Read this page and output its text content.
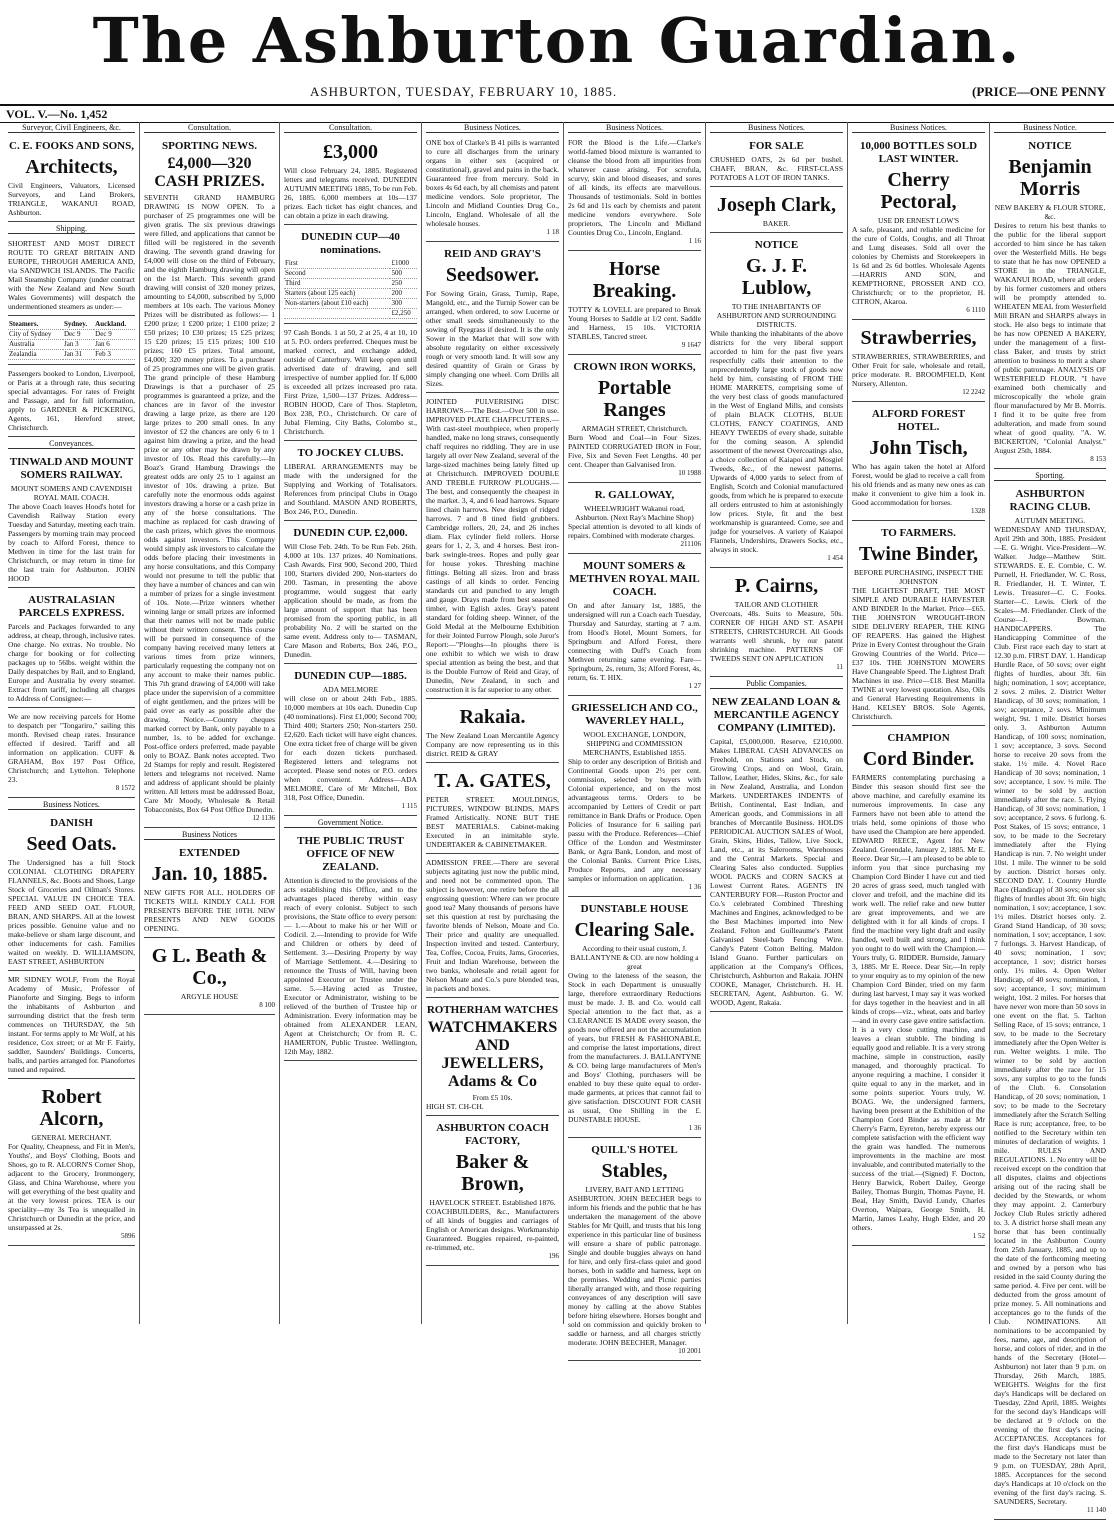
The Ashburton Guardian.
ASHBURTON, TUESDAY, FEBRUARY 10, 1885.	(PRICE—ONE PENNY
VOL. V.—No. 1,452
Surveyor, Civil Engineers, &c.
C. E. FOOKS AND SONS,
Architects,
Civil Engineers, Valuators, Licensed Surveyors, and Land Brokers, TRIANGLE, WAKANUI ROAD, Ashburton.
Shipping.
SHORTEST AND MOST DIRECT ROUTE TO GREAT BRITAIN AND EUROPE, THROUGH AMERICA AND, via SANDWICH ISLANDS. The Pacific Mail Steamship Company (under contract with the New Zealand and New South Wales Governments) will despatch the undermentioned steamers as under:—
Steamers.	Sydney.	Auckland.
City of Sydney	Dec 9	Dec 9
Australia	Jan 3	Jan 6
Zealandia	Jan 31	Feb 3
Passengers booked to London, Liverpool, or Paris at a through rate, thus securing special advantages. For rates of Freight and Passage, and for full information, apply to GARDNER & PICKERING, Agents, 161, Hereford street, Christchurch.
Conveyances.
TINWALD AND MOUNT SOMERS RAILWAY.
MOUNT SOMERS AND CAVENDISH ROYAL MAIL COACH.
The above Coach leaves Hood's hotel for Cavendish Railway Station every Tuesday and Saturday, meeting each train. Passengers by morning train may proceed by coach to Alford Forest, thence to Methven in time for the last train for Christchurch, or may return in time for the last train for Ashburton. JOHN HOOD
AUSTRALASIAN PARCELS EXPRESS.
Parcels and Packages forwarded to any address, at cheap, through, inclusive rates. One charge. No extras. No trouble. No charge for booking or for collecting packages up to 56lbs. weight within the Daily despatches by Rail, and to England, Europe and Australia by every steamer. Extract from tariff, including all charges to Address of Consignee:—
We are now receiving parcels for Home to despatch per "Tongariro," sailing this month. Revised cheap rates. Insurance effected if desired. Tariff and all information on application. CUFF & GRAHAM, Box 197 Post Office, Christchurch; and Lyttelton. Telephone 23.
8 1572
Business Notices.
DANISH
Seed Oats.
The Undersigned has a full Stock COLONIAL CLOTHING DRAPERY FLANNELS, &c. Boots and Shoes, Large Stock of Groceries and Oilman's Stores. SPECIAL VALUE IN CHOICE TEA. FEED AND SEED OAT. FLOUR, BRAN, AND SHARPS. All at the lowest prices possible. Genuine value and no make-believe or sham large discount, and other inducements for cash. Families waited on weekly. D. WILLIAMSON, EAST STREET, ASHBURTON
MR SIDNEY WOLF, From the Royal Academy of Music, Professor of Pianoforte and Singing. Begs to inform the inhabitants of Ashburton and surrounding district that the fresh term commences on THURSDAY, the 5th instant. For terms apply to Mr Wolf, at his residence, Cox street; or at Mr F. Fairly, saddler, Saunders' Buildings. Concerts, balls, and parties arranged for. Pianofortes tuned and repaired.
Robert Alcorn,
GENERAL MERCHANT.
For Quality, Cheapness, and Fit in Men's, Youths', and Boys' Clothing, Boots and Shoes, go to R. ALCORN'S Corner Shop, adjacent to the Grocery, Ironmongery, Glass, and China Warehouse, where you will get everything of the best quality and at the very lowest prices. TEA is our speciality—my 3s Tea is unequalled in Christchurch or Dunedin at the price, and unsurpassed at 2s.
5896
Consultation.
SPORTING NEWS.
£4,000—320 CASH PRIZES.
SEVENTH GRAND HAMBURG DRAWING IS NOW OPEN. To a purchaser of 25 programmes one will be given gratis. The six previous drawings were filled, and applications that cannot be filled will be registered in the seventh drawing. The seventh grand drawing for £4,000 will close on the third of February, and the eighth Hamburg drawing will open on the 1st March. This seventh grand drawing will consist of 320 money prizes, amounting to £4,000, subscribed by 5,000 members at 10s each. The various Money Prizes will be distributed as follows:— 1 £200 prize; 1 £200 prize; 1 £100 prize; 2 £50 prizes; 10 £30 prizes; 15 £25 prizes; 15 £20 prizes; 15 £15 prizes; 100 £10 prizes; 160 £5 prizes. Total amount, £4,000; 320 money prizes. To a purchaser of 25 programmes one will be given gratis. The grand principle of these Hamburg Drawings is that a purchaser of 25 programmes is guaranteed a prize, and the chances are in favor of the investor drawing a large prize, as there are 120 large prizes to 200 small ones. In any investor of £2 the chances are only 6 to 1 against him drawing a prize, and the head prize or any other may be drawn by any investor of 10s. Read this carefully.—In Boaz's Grand Hamburg Drawings the greatest odds are only 25 to 1 against an investor of 10s. drawing a prize. But carefully note the enormous odds against investors drawing a horse or a cash prize in any of the horse consultations. The machine as replaced for cash drawing of the cash prizes, which gives the enormous odds against investors. This Company would simply ask investors to calculate the odds before placing their investments in any horse consultations, and this Company would not presume to tell the public that they have a number of chances and can win a number of prizes for a single investment of 10s. Note.—Prize winners whether winning large or small prizes are informed that their names will not be made public without their written consent. This course will be pursued in consequence of the company having received many letters at various times from prize winners, particularly requesting the company not on any account to make their names public. This 7th grand drawing of £4,000 will take place under the supervision of a committee of eight gentlemen, and the prizes will be paid over as early as possible after the drawing. Notice.—Country cheques marked correct by Bank, only payable to a number, 1s. to be added for exchange. Post-office orders preferred, made payable only to BOAZ. Bank notes accepted. Two 2d Stamps for reply and result. Registered letters and telegrams not received. Name and address of applicant should be plainly written. All letters must be addressed Boaz, Care Mr Moody, Wholesale & Retail Tobacconists, Box 64 Post Office Dunedin.
12 1136
Business Notices
EXTENDED
Jan. 10, 1885.
NEW GIFTS FOR ALL. HOLDERS OF TICKETS WILL KINDLY CALL FOR PRESENTS BEFORE THE 10TH. NEW PRESENTS AND NEW GOODS OPENING.
G L. Beath & Co.,
ARGYLE HOUSE
8 100
Consultation.
£3,000
Will close February 24, 1885. Registered letters and telegrams received. DUNEDIN AUTUMN MEETING 1885, To be run Feb. 26, 1885. 6,000 members at 10s—137 prizes. Each ticket has eight chances, and can obtain a prize in each drawing.
DUNEDIN CUP—40 nominations.
First	£1000
Second	500
Third	250
Starters (about 125 each)	200
Non-starters (about £10 each)	300
	£2,250
97 Cash Bonds. 1 at 50, 2 at 25, 4 at 10, 10 at 5. P.O. orders preferred. Cheques must be marked correct, and exchange added, outside of Canterbury. Will keep open until advertised date of drawing, and sell irrespective of number applied for. If 6,000 is exceeded all prizes increased pro rata. First Prize, 1,500—137 Prizes. Address—ROBIN HOOD, Care of Thos. Stapleton, Box 238, P.O., Christchurch. Or care of Jubal Fleming, City Baths, Colombo st., Christchurch.
TO JOCKEY CLUBS.
LIBERAL ARRANGEMENTS may be made with the undersigned for the Supplying and Working of Totalisators. References from principal Clubs in Otago and Southland. MASON AND ROBERTS, Box 246, P.O., Dunedin.
DUNEDIN CUP. £2,000.
Will Close Feb. 24th. To be Run Feb. 26th. 4,000 at 10s. 137 prizes. 40 Nominations. Cash Awards. First 900, Second 200, Third 100, Starters divided 200, Non-starters do 200. Tasman, in presenting the above programme, would suggest that early application should be made, as from the large amount of support that has been promised from the sporting public, in all probability No. 2 will be started on the same event. Address only to— TASMAN, Care Mason and Roberts, Box 246, P.O., Dunedin.
DUNEDIN CUP—1885.
ADA MELMORE
will close on or about 24th Feb., 1885. 10,000 members at 10s each. Dunedin Cup (40 nominations). First £1,000; Second 700; Third 400; Starters 250; Non-starters 250. £2,620. Each ticket will have eight chances. One extra ticket free of charge will be given for each dozen tickets purchased. Registered letters and telegrams not accepted. Please send notes or P.O. orders when convenient. Address—ADA MELMORE, Care of Mr Mitchell, Box 318, Post Office, Dunedin.
1 115
Government Notice.
THE PUBLIC TRUST OFFICE OF NEW ZEALAND.
Attention is directed to the provisions of the acts establishing this Office, and to the advantages placed thereby within easy reach of every colonist. Subject to such provisions, the State office to every person:— 1.—About to make his or her Will or Codicil. 2.—Intending to provide for Wife and Children or others by deed of Settlement. 3.—Desiring Property by way of Marriage Settlement. 4.—Desiring to renounce the Trusts of Will, having been appointed Executor or Trustee under the same. 5.—Having acted as Trustee, Executor or Administrator, wishing to be relieved of the burthen of Trustee hip or Administration. Every information may be obtained from ALEXANDER LEAN, Agent at Christchurch; Or from R. C. HAMERTON, Public Trustee. Wellington, 12th May, 1882.
Business Notices.
ONE box of Clarke's B 41 pills is warranted to cure all discharges from the urinary organs in either sex (acquired or constitutional), gravel and pains in the back. Guaranteed free from mercury. Sold in boxes 4s 6d each, by all chemists and patent medicine vendors. Sole proprietor, The Lincoln and Midland Counties Drug Co., Lincoln, England. Wholesale of all the wholesale houses.
1 18
REID AND GRAY'S
Seedsower.
For Sowing Grain, Grass, Turnip, Rape, Mangold, etc., and the Turnip Sower can be arranged, when ordered, to sow Lucerne or other small seeds simultaneously to the sowing of Ryegrass if desired. It is the only Sower in the Market that will sow with absolute regularity on either excessively rough or very smooth land. It will sow any desired quantity of Grain or Grass by simply changing one wheel. Corn Drills all Sizes.
JOINTED PULVERISING DISC HARROWS.—The Best.—Over 500 in use. IMPROVED PLATE CHAFFCUTTERS.—With cast-steel mouthpiece, when properly handled, make no long straws, consequently chaff requires no riddling. They are in use largely all over New Zealand, several of the large-sized machines being lately fitted up at Christchurch. IMPROVED DOUBLE AND TREBLE FURROW PLOUGHS.—The best, and consequently the cheapest in the market. 3, 4, and 6 lead harrows. Square lined chain harrows. New design of ridged harrows. 7 and 8 tined field grubbers. Cambridge rollers, 20, 24, and 26 inches diam. Flax cylinder field rollers. Horse gears for 1, 2, 3, and 4 horses. Best iron-bark swingle-trees. Ropes and pully gear for house yokes. Threshing machine fittings. Belting all sizes. Iron and brass castings of all kinds to order. Fencing standards cut and punched to any length and gauge. Drays made from best seasoned timber, with Eglish axles. Gray's patent standard for folding sheep. Winner, of the Gold Medal at the Melbourne Exhibition for their Jointed Furrow Plough, sole Juror's Report:—"Ploughs—In ploughs there is one exhibit to which we wish to draw special attention as being the best, and that is the Double Furrow of Reid and Gray, of Dunedin, New Zealand, in such and construction it is far superior to any other.
Rakaia.
The New Zealand Loan Mercantile Agency Company are now representing us in this district. REID & GRAY
T. A. GATES,
PETER STREET. MOULDINGS, PICTURES, WINDOW BLINDS, MAPS Framed Artistically. NONE BUT THE BEST MATERIALS. Cabinet-making Executed in an inimitable style. UNDERTAKER & CABINETMAKER.
ADMISSION FREE.—There are several subjects agitating just now the public mind, and need not be commented upon. The subject is however, one retire before the all engrossing question: Where can we procure good tea? Many thousands of persons have set this question at rest by purchasing the favorite blends of Nelson, Moate and Co. Their price and quality are unequalled. Inspection invited and tested. Canterbury, Tea, Coffee, Cocoa, Fruits, Jams, Groceries, Fruit and Indian Warehouse, between the two banks, wholesale and retail agent for Nelson Moate and Co.'s pure blended teas, in packets and boxes.
ROTHERHAM WATCHES
WATCHMAKERS AND JEWELLERS, Adams & Co
From £5 10s.
HIGH ST. CH-CH.
ASHBURTON COACH FACTORY,
Baker & Brown,
HAVELOCK STREET. Established 1876.
COACHBUILDERS, &c., Manufacturers of all kinds of buggies and carriages of English or American designs. Workmanship Guaranteed. Buggies repaired, re-painted, re-trimmed, etc.
196
Business Notices.
FOR the Blood is the Life.—Clarke's world-famed blood mixture is warranted to cleanse the blood from all impurities from whatever cause arising. For scrofula, scurvy, skin and blood diseases, and sores of all kinds, its effects are marvellous. Thousands of testimonials. Sold in bottles 2s 6d and 11s each by chemists and patent medicine vendors everywhere. Sole proprietors, The Lincoln and Midland Counties Drug Co., Lincoln, England.
1 16
Horse Breaking.
TOTTY & LOVELL are prepared to Break Young Horses to Saddle at 1/2 cent. Saddle and Harness, 15 10s. VICTORIA STABLES, Tancred street.
9 1647
CROWN IRON WORKS,
Portable Ranges
ARMAGH STREET, Christchurch.
Burn Wood and Coal—in Four Sizes. PAINTED CORRUGATED IRON in Four, Five, Six and Seven Feet Lengths. 40 per cent. Cheaper than Galvanised Iron.
10 1988
R. GALLOWAY,
WHEELWRIGHT Wakanui road, Ashburton. (Next Ray's Machine Shop)
Special attention is devoted to all kinds of repairs. Combined with moderate charges.
211106
MOUNT SOMERS & METHVEN ROYAL MAIL COACH.
On and after January 1st, 1885, the undersigned will run a Coach each Tuesday, Thursday and Saturday, starting at 7 a.m. from Hood's Hotel, Mount Somers, for Springburn and Alford Forest, there connecting with Duff's Coach from Methven returning same evening. Fare—Springburn, 2s, return, 3s; Alford Forest, 4s, return, 6s. T. HIX.
1 27
GRIESSELICH AND CO., WAVERLEY HALL,
WOOL EXCHANGE, LONDON, SHIPPING and COMMISSION MERCHANTS, Established 1855.
Ship to order any description of British and Continental Goods upon 2½ per cent. commission, selected by buyers with Colonial experience, and on the most advantageous terms. Orders to be accompanied by Letters of Credit or part remittance in Bank Drafts or Produce. Open Policies of Insurance for 6 sailing pari passu with the Produce. References—Chief Office of the London and Westminster Bank, or Agra Bank, London, and most of the Colonial Banks. Current Price Lists, Produce Reports, and any necessary samples or information on application.
1 36
DUNSTABLE HOUSE
Clearing Sale.
According to their usual custom, J. BALLANTYNE & CO. are now holding a great
Owing to the lateness of the season, the Stock in each Department is unusually large, therefore extraordinary Reductions must be made. J. B. and Co. would call Special attention to the fact that, as a CLEARANCE IS MADE every season, the goods now offered are not the accumulation of years, but FRESH & FASHIONABLE, and comprise the latest importations, direct from the manufacturers. J. BALLANTYNE & CO. being large manufacturers of Men's and Boys' Clothing, purchasers will be enabled to buy these quite equal to order-made garments, at prices that cannot fail to give satisfaction. DISCOUNT FOR CASH as usual, One Shilling in the £. DUNSTABLE HOUSE.
1 36
QUILL'S HOTEL
Stables,
LIVERY, BAIT AND LETTING
ASHBURTON. JOHN BEECHER begs to inform his friends and the public that he has undertaken the management of the above Stables for Mr Quill, and trusts that his long experience in this particular line of business will ensure a share of public patronage. Single and double buggies always on hand for hire, and only first-class quiet and good horses, both in saddle and harness, kept on the premises. Wedding and Picnic parties liberally arranged with, and those requiring conveyances of any description will save money by calling at the above Stables before hiring elsewhere. Horses bought and sold on commission and quickly broken to saddle or harness, and all charges strictly moderate. JOHN BEECHER, Manager.
10 2001
Business Notices.
FOR SALE
CRUSHED OATS, 2s 6d per bushel. CHAFF, BRAN, &c. FIRST-CLASS POTATOES A LOT OF IRON TANKS.
Joseph Clark,
BAKER.
NOTICE
G. J. F. Lublow,
TO THE INHABITANTS OF ASHBURTON AND SURROUNDING DISTRICTS.
While thanking the inhabitants of the above districts for the very liberal support accorded to him for the past five years respectfully calls their attention to the unprecedentedly large stock of goods now held by him, consisting of FROM THE HOME MARKETS, comprising some of the very best class of goods manufactured in the West of England Mills, and consists of plain BLACK CLOTHS, BLUE CLOTHS, FANCY COATINGS, AND HEAVY TWEEDS of every shade, suitable for the coming season. A splendid assortment of the newest Overcoatings also, a choice collection of Kaiapoi and Mosgiel Tweeds, &c., of the newest patterns. Upwards of 4,000 yards to select from of English, Scotch and Colonial manufactured goods, from which he is prepared to execute all orders entrusted to him at astonishingly low prices. Style, fit and the best workmanship is guaranteed. Come, see and judge for yourselves. A variety of Kaiapoi Flannels, Undershirts, Drawers Socks, etc., always in stock.
1 454
P. Cairns,
TAILOR AND CLOTHIER
Overcoats, 48s. Suits to Measure, 50s. CORNER OF HIGH AND ST. ASAPH STREETS, CHRISTCHURCH. All Goods warrants well shrunk, by our patent shrinking machine. PATTERNS OF TWEEDS SENT ON APPLICATION
11
Public Companies.
NEW ZEALAND LOAN & MERCANTILE AGENCY COMPANY (LIMITED).
Capital, £5,000,000. Reserve, £210,000. Makes LIBERAL CASH ADVANCES on Freehold, on Stations and Stock, on Growing Crops, and on Wool, Grain, Tallow, Leather, Hides, Skins, &c., for sale in New Zealand, Australia, and London Markets. UNDERTAKES INDENTS of British, Continental, East Indian, and American goods, and Commissions in all branches of Mercantile Business. HOLDS PERIODICAL AUCTION SALES of Wool, Grain, Skins, Hides, Tallow, Live Stock, Land, etc., at its Salerooms, Warehouses and the Central Markets. Special and Clearing Sales also conducted. Supplies WOOL PACKS and CORN SACKS at Lowest Current Rates. AGENTS IN CANTERBURY FOR—Ruston Proctor and Co.'s celebrated Combined Threshing Machines and Engines, acknowledged to be the Best Machines imported into New Zealand. Felton and Guilleaume's Patent Galvanised Steel-barb Fencing Wire. Candy's Patent Cotton Belting. Maldon Island Guano. Further particulars on application at the Company's Offices, Christchurch, Ashburton and Rakaia. JOHN COOKE, Manager, Christchurch. H. H. SECRETAN, Agent, Ashburton. G. W. WOOD, Agent, Rakaia.
Business Notices.
10,000 BOTTLES SOLD LAST WINTER.
Cherry Pectoral,
USE DR ERNEST LOW'S
A safe, pleasant, and reliable medicine for the cure of Colds, Coughs, and all Throat and Lung diseases. Sold all over the colonies by Chemists and Storekeepers in 1s 6d and 2s 6d bottles. Wholesale Agents—HARRIS AND SON, and KEMPTHORNE, PROSSER AND CO. Christchurch; or to the proprietor, H. CITRON, Akaroa.
6 1110
Strawberries,
STRAWBERRIES, STRAWBERRIES, and Other Fruit for sale, wholesale and retail, price moderate. R. BROOMFIELD, Kent Nursery, Allenton.
12 2242
ALFORD FOREST HOTEL.
John Tisch,
Who has again taken the hotel at Alford Forest, would be glad to receive a call from his old friends and as many new ones as can make it convenient to give him a look in. Good accommodation for horses.
1328
TO FARMERS.
Twine Binder,
BEFORE PURCHASING, INSPECT THE JOHNSTON
THE LIGHTEST DRAFT, THE MOST SIMPLE AND DURABLE HARVESTER AND BINDER In the Market. Price—£65. THE JOHNSTON WROUGHT-IRON SIDE DELIVERY REAPER, THE KING OF REAPERS. Has gained the Highest Prize in Every Contest throughout the Grain Growing Countries of the World. Price—£37 10s. THE JOHNSTON MOWERS Have Changeable Speed. The Lightest Draft Machines in use. Price—£18. Best Manilla TWINE at very lowest quotation. Also, Oils and General Harvesting Requirements in Hand. KELSEY BROS. Sole Agents, Christchurch.
CHAMPION
Cord Binder.
FARMERS contemplating purchasing a Binder this season should first see the above machine, and carefully examine its numerous improvements. In case any Farmers have not been able to attend the trials held, some opinions of those who have used the Champion are here appended. EDWARD REECE, Agent for New Zealand. Greendale, January 2, 1885. Mr E. Reece. Dear Sir,—I am pleased to be able to inform you that since purchasing my Champion Cord Binder I have cut and tied 20 acres of grass seed, much tangled with clover and trefoil, and the machine did its work well. The relief rake and new butter are great improvements, and we are delighted with it for all kinds of crops. I find the machine very light draft and easily handled, well built and strong, and I think you ought to do well with the Champion.—Yours truly, G. RIDDER. Burnside, January 3, 1885. Mr E. Reece. Dear Sir,—In reply to your enquiry as to my opinion of the new Champion Cord Binder, tried on my farm during last harvest, I may say it was worked for days together in the heaviest and in all kinds of crops—viz., wheat, oats and barley—and in every case gave entire satisfaction. It is a very close cutting machine, and leaves a clean stubble. The binding is equally good and reliable. It is a very strong machine, simple in construction, easily managed, and thoroughly practical. To anyone requiring a machine, I consider it quite equal to any in the market, and in some points superior. Yours truly, W. BOAG. We, the undersigned farmers, having been present at the Exhibition of the Champion Cord Binder as made at Mr Cherry's Farm, Eyreton, hereby express our complete satisfaction with the efficient way the grain was handled. The numerous improvements in the machine are most invaluable, and contributed materially to the success of the trial.—(Signed) F. Docton, Henry Barwick, Robert Dailey, George Bailey, Thomas Burgin, Thomas Payne, H. Beal, Hay Smith, David Lundy, Charles Overton, Waipara, George Smith, H. Martin, James Leahy, Hugh Elder, and 20 others.
1 52
Business Notice.
NOTICE
Benjamin Morris
NEW BAKERY & FLOUR STORE, &c.
Desires to return his best thanks to the public for the liberal support accorded to him since he has taken over the Westerfield Mills. He begs to state that he has now OPENED a STORE in the TRIANGLE, WAKANUI ROAD, where all orders by his former customers and others will be promptly attended to. WHEATEN MEAL from Westerfield Mill BRAN and SHARPS always in stock. He also begs to intimate that he has now OPENED A BAKERY, under the management of a first-class Baker, and trusts by strict attention to business to merit a share of public patronage. ANALYSIS OF WESTERFIELD FLOUR. "I have examined both chemically and microscopically the whole grain flour manufactured by Mr B. Morris. I find it to be quite free from adulteration, and made from sound wheat of good quality. "A. W. BICKERTON, "Colonial Analyst." August 25th, 1884.
8 153
Sporting.
ASHBURTON RACING CLUB.
AUTUMN MEETING.
WEDNESDAY AND THURSDAY, April 29th and 30th, 1885. President—E. G. Wright. Vice-President—W. Walker. Judge—Matthew Stitt. STEWARDS. E. E. Cornbie, C. W. Purnell, H. Friedlander, W. C. Ross, R. Friedlander, H. T. Winter, T. Lewis. Treasurer—C. C. Fooks. Starter—C. Lewis. Clerk of the Scales—M. Friedlander. Clerk of the Course—J. Bowman. HANDICAPPERS. The Handicapping Committee of the Club. First race each day to start at 12.30 p.m. FIRST DAY. 1. Handicap Hurdle Race, of 50 sovs; over eight flights of hurdles, about 3ft. 6in high; nomination, 1 sov; acceptance, 2 sovs. 2 miles. 2. District Welter Handicap, of 30 sovs; nomination, 1 sov; acceptance, 2 sovs. Minimum weight, 9st. 1 mile. District horses only. 3. Ashburton Autumn Handicap, of 100 sovs; nomination, 1 sov; acceptance, 3 sovs. Second horse to receive 20 sovs from the stake. 1½ mile. 4. Novel Race Handicap of 30 sovs; nomination, 1 sov; acceptance, 1 sov. ½ mile. The winner to be sold by auction immediately after the race. 5. Flying Handicap, of 30 sovs; nomination, 1 sov; acceptance, 2 sovs. 6 furlong. 6. Post Stakes, of 15 sovs; entrance, 1 sov, to be made to the Secretary immediately after the Flying Handicap is run. 7. No weight under 10st. 1 mile. The winner to be sold by auction. District horses only. SECOND DAY. 1. Country Hurdle Race (Handicap) of 30 sovs; over six flights of hurdles about 3ft. 6in high; nomination, 1 sov; acceptance, 1 sov. 1½ miles. District horses only. 2. Grand Stand Handicap, of 30 sovs; nomination, 1 sov; acceptance, 1 sov. 7 furlongs. 3. Harvest Handicap, of 40 sovs; nomination, 1 sov; acceptance, 1 sov; district horses only. 1½ miles. 4. Open Welter Handicap, of 40 sovs; nomination, 1 sov; acceptance, 1 sov; minimum weight, 10st. 2 miles. For horses that have never won more than 50 sovs in one event on the flat. 5. Tarlton Selling Race, of 15 sovs; entrance, 1 sov, to be made to the Secretary immediately after the Open Welter is run. Welter weights. 1 mile. The winner to be sold by auction immediately after the race for 15 sovs, any surplus to go to the funds of the Club. 6. Consolation Handicap, of 20 sovs; nomination, 1 sov; to be made to the Secretary immediately after the Scratch Selling Race is run; acceptance, free, to be notified to the Secretary within ten minutes of declaration of weights. 1 mile. RULES AND REGULATIONS. 1. No entry will be received except on the condition that all disputes, claims and objections arising out of the racing shall be decided by the Stewards, or whom they may appoint. 2. Canterbury Jockey Club Rules strictly adhered to. 3. A district horse shall mean any horse that has been continually located in the Ashburton County from 25th January, 1885, and up to the date of the forthcoming meeting and owned by a person who has resided in the said County during the same period. 4. Five per cent. will be deducted from the gross amount of prize money. 5. All nominations and acceptances go to the funds of the Club. NOMINATIONS. All nominations to be accompanied by fees, name, age, and description of horse, and colors of rider, and in the hands of the Secretary (Hotel—Ashburton) not later than 9 p.m. on Thursday, 26th March, 1885. WEIGHTS. Weights for the first day's Handicaps will be declared on Tuesday, 22nd April, 1885. Weights for the second day's Handicaps will be declared at 9 o'clock on the evening of the first day's racing. ACCEPTANCES. Acceptances for the first day's Handicaps must be made to the Secretary not later than 9 p.m. on TUESDAY, 28th April, 1885. Acceptances for the second day's Handicaps at 10 o'clock on the evening of the first day's racing. S. SAUNDERS, Secretary.
11 140
